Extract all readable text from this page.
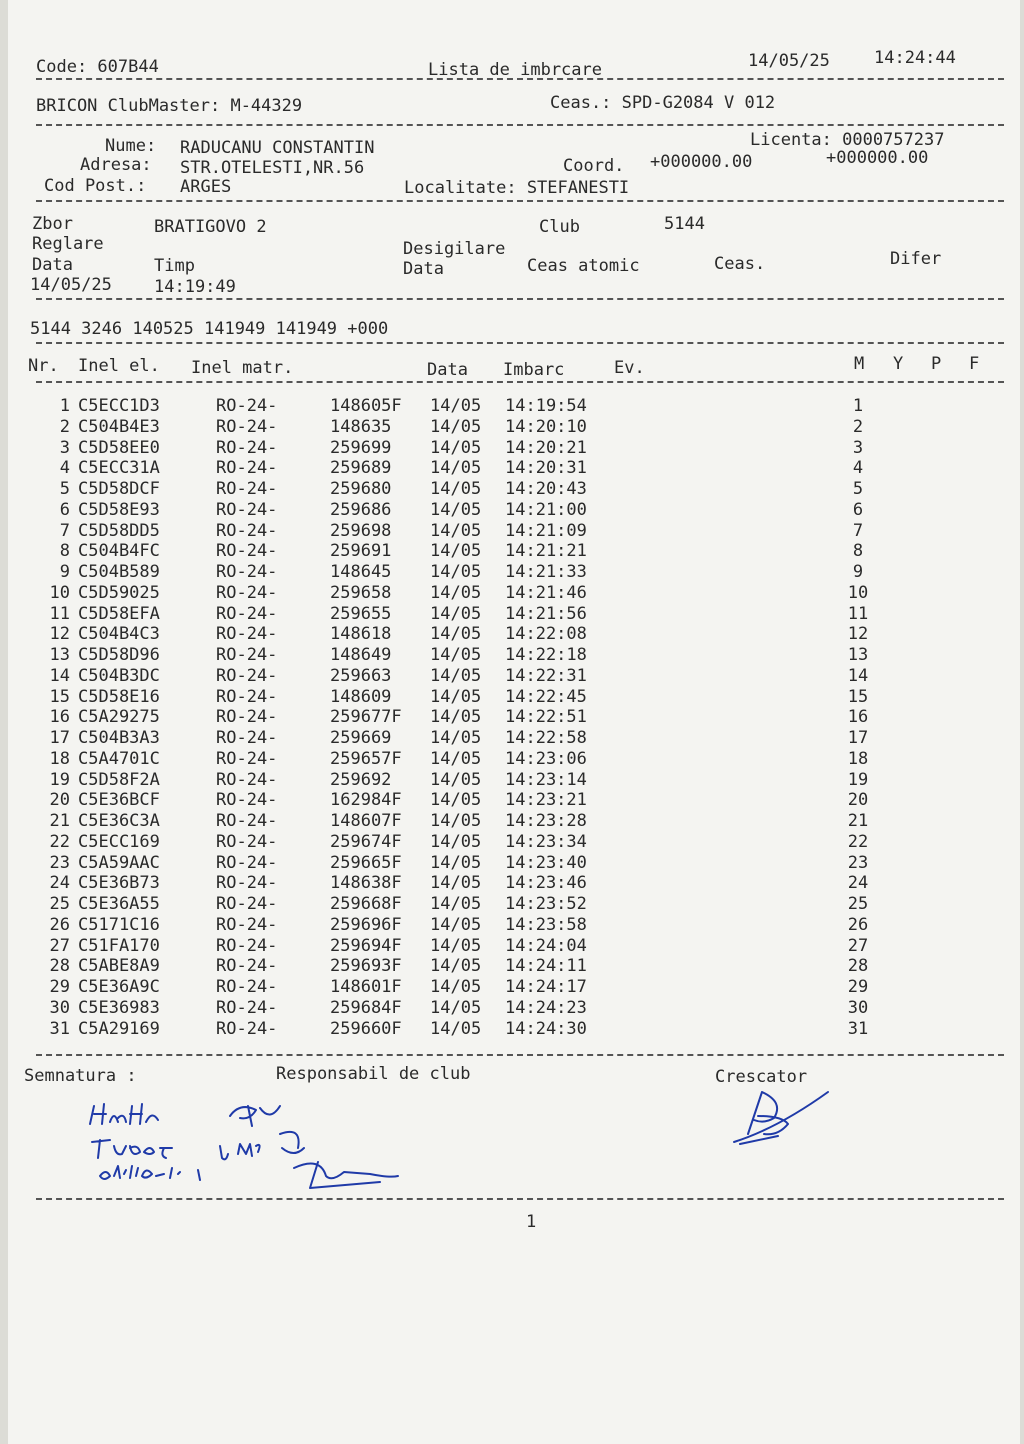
Code: 607B44	Lista de imbrcare	14/05/25	14:24:44
BRICON ClubMaster: M-44329	Ceas.: SPD-G2084 V 012
Nume: RADUCANU CONSTANTIN	Licenta: 0000757237
Adresa: STR.OTELESTI,NR.56	Coord. +000000.00	+000000.00
Cod Post.: ARGES	Localitate: STEFANESTI
Zbor	BRATIGOVO 2	Club	5144
Reglare	Desigilare
Data	Timp	Data	Ceas atomic	Ceas.	Difer
14/05/25 14:19:49
5144 3246 140525 141949 141949 +000
Nr. Inel el. Inel matr.	Data Imbarc	Ev.	M Y P F
1 C5ECC1D3	RO-24-	148605F 14/05 14:19:54	1
2 C504B4E3	RO-24-	148635 14/05 14:20:10	2
3 C5D58EE0	RO-24-	259699 14/05 14:20:21	3
4 C5ECC31A	RO-24-	259689 14/05 14:20:31	4
5 C5D58DCF	RO-24-	259680 14/05 14:20:43	5
6 C5D58E93	RO-24-	259686 14/05 14:21:00	6
7 C5D58DD5	RO-24-	259698 14/05 14:21:09	7
8 C504B4FC	RO-24-	259691 14/05 14:21:21	8
9 C504B589	RO-24-	148645 14/05 14:21:33	9
10 C5D59025	RO-24-	259658 14/05 14:21:46	10
11 C5D58EFA	RO-24-	259655 14/05 14:21:56	11
12 C504B4C3	RO-24-	148618 14/05 14:22:08	12
13 C5D58D96	RO-24-	148649 14/05 14:22:18	13
14 C504B3DC	RO-24-	259663 14/05 14:22:31	14
15 C5D58E16	RO-24-	148609 14/05 14:22:45	15
16 C5A29275	RO-24-	259677F 14/05 14:22:51	16
17 C504B3A3	RO-24-	259669 14/05 14:22:58	17
18 C5A4701C	RO-24-	259657F 14/05 14:23:06	18
19 C5D58F2A	RO-24-	259692 14/05 14:23:14	19
20 C5E36BCF	RO-24-	162984F 14/05 14:23:21	20
21 C5E36C3A	RO-24-	148607F 14/05 14:23:28	21
22 C5ECC169	RO-24-	259674F 14/05 14:23:34	22
23 C5A59AAC	RO-24-	259665F 14/05 14:23:40	23
24 C5E36B73	RO-24-	148638F 14/05 14:23:46	24
25 C5E36A55	RO-24-	259668F 14/05 14:23:52	25
26 C5171C16	RO-24-	259696F 14/05 14:23:58	26
27 C51FA170	RO-24-	259694F 14/05 14:24:04	27
28 C5ABE8A9	RO-24-	259693F 14/05 14:24:11	28
29 C5E36A9C	RO-24-	148601F 14/05 14:24:17	29
30 C5E36983	RO-24-	259684F 14/05 14:24:23	30
31 C5A29169	RO-24-	259660F 14/05 14:24:30	31
Semnatura :	Responsabil de club	Crescator
1
